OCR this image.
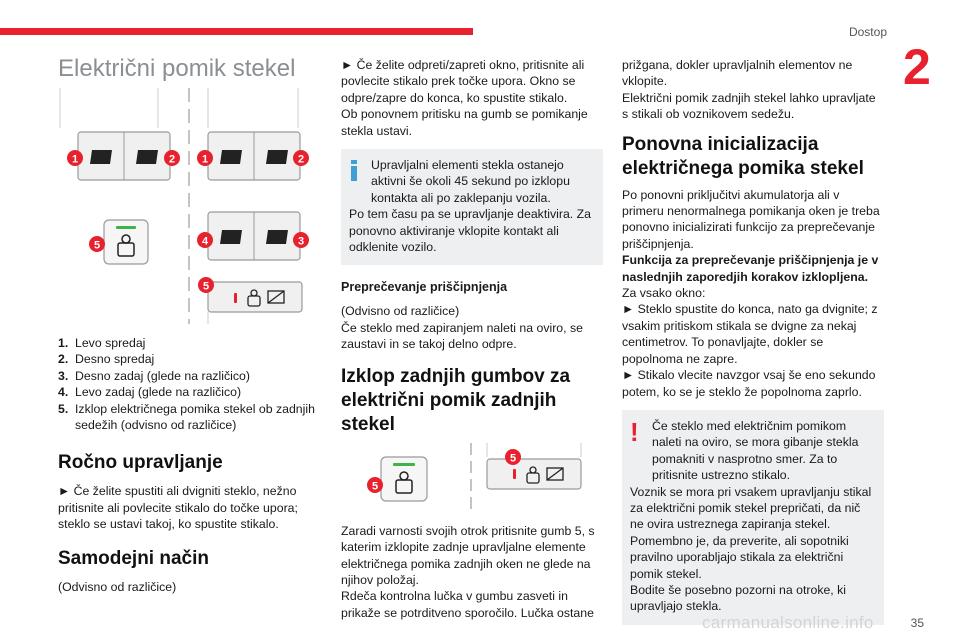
Dostop
2
Električni pomik stekel
1	2 1	2
5	4	3
5
1. Levo spredaj
2. Desno spredaj
3. Desno zadaj (glede na različico)
4. Levo zadaj (glede na različico)
5. Izklop električnega pomika stekel ob zadnjih sedežih (odvisno od različice)
Ročno upravljanje

► Če želite spustiti ali dvigniti steklo, nežno pritisnite ali povlecite stikalo do točke upora; steklo se ustavi takoj, ko spustite stikalo.

Samodejni način

(Odvisno od različice)

► Če želite odpreti/zapreti okno, pritisnite ali povlecite stikalo prek točke upora. Okno se odpre/zapre do konca, ko spustite stikalo.

Ob ponovnem pritisku na gumb se pomikanje stekla ustavi.

Upravljalni elementi stekla ostanejo aktivni še okoli 45 sekund po izklopu kontakta ali po zaklepanju vozila.

Po tem času pa se upravljanje deaktivira. Za ponovno aktiviranje vklopite kontakt ali odklenite vozilo.

Preprečevanje priščipnjenja

(Odvisno od različice)

Če steklo med zapiranjem naleti na oviro, se zaustavi in se takoj delno odpre.

Izklop zadnjih gumbov za električni pomik zadnjih stekel
5
5

Zaradi varnosti svojih otrok pritisnite gumb 5, s katerim izklopite zadnje upravljalne elemente električnega pomika zadnjih oken ne glede na njihov položaj.

Rdeča kontrolna lučka v gumbu zasveti in prikaže se potrditveno sporočilo. Lučka ostane

prižgana, dokler upravljalnih elementov ne vklopite.

Električni pomik zadnjih stekel lahko upravljate s stikali ob voznikovem sedežu.

Ponovna inicializacija električnega pomika stekel

Po ponovni priključitvi akumulatorja ali v primeru nenormalnega pomikanja oken je treba ponovno inicializirati funkcijo za preprečevanje priščipnjenja.

Funkcija za preprečevanje priščipnjenja je v naslednjih zaporedjih korakov izklopljena.

Za vsako okno:

► Steklo spustite do konca, nato ga dvignite; z vsakim pritiskom stikala se dvigne za nekaj centimetrov. To ponavljajte, dokler se popolnoma ne zapre.

► Stikalo vlecite navzgor vsaj še eno sekundo potem, ko se je steklo že popolnoma zaprlo.

!	Če steklo med električnim pomikom naleti na oviro, se mora gibanje stekla pomakniti v nasprotno smer. Za to pritisnite ustrezno stikalo.

Voznik se mora pri vsakem upravljanju stikal za električni pomik stekel prepričati, da nič ne ovira ustreznega zapiranja stekel.

Pomembno je, da preverite, ali sopotniki pravilno uporabljajo stikala za električni pomik stekel.

Bodite še posebno pozorni na otroke, ki upravljajo stekla.

carmanualsonline.info	35
